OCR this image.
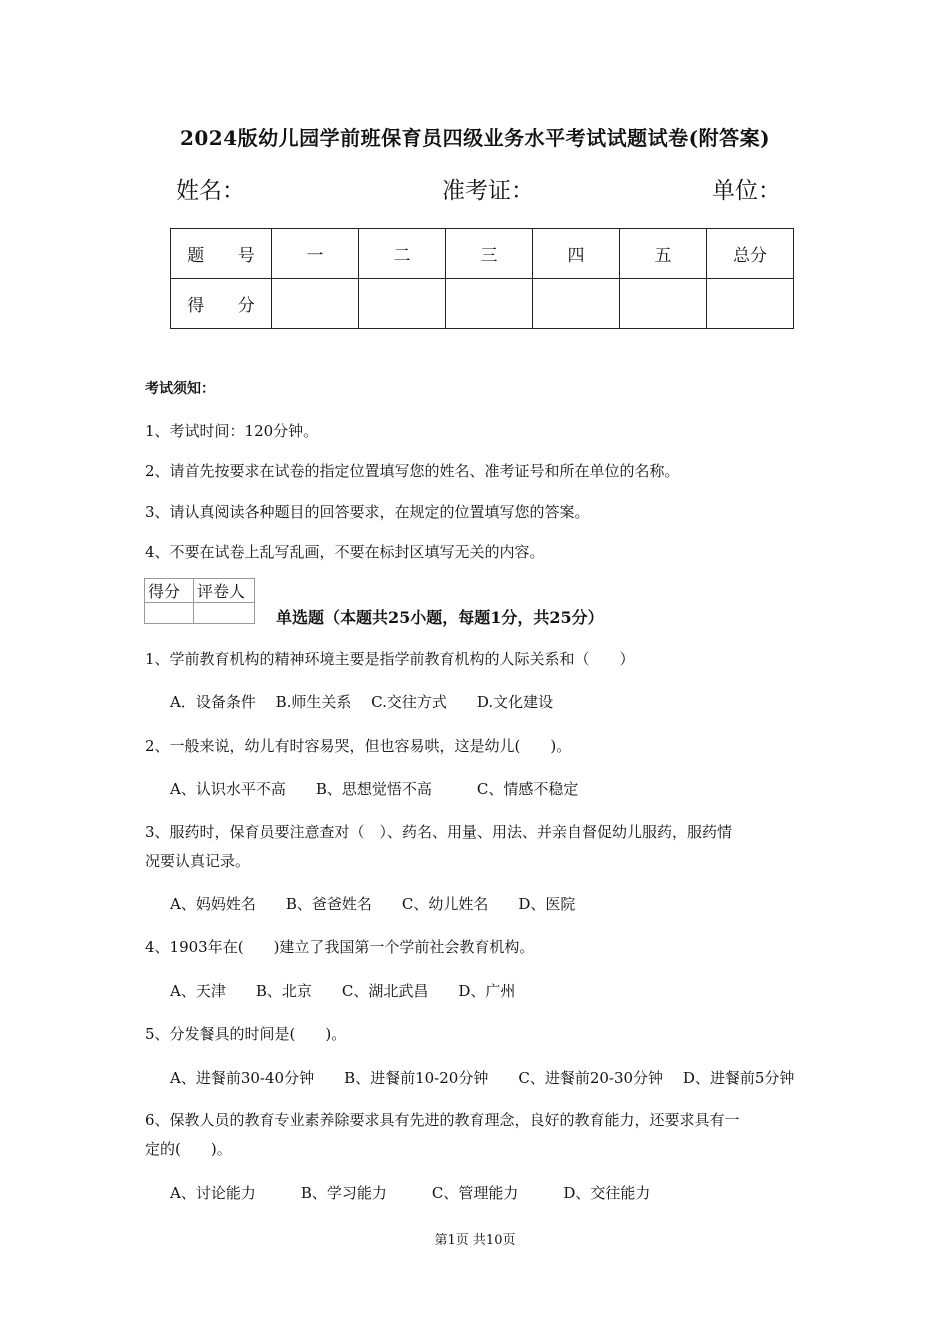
2024版幼儿园学前班保育员四级业务水平考试试题试卷(附答案)
姓名：	准考证：	单位：
题 号	一	二	三	四	五	总分
得 分						
考试须知：
1、考试时间：120分钟。
2、请首先按要求在试卷的指定位置填写您的姓名、准考证号和所在单位的名称。
3、请认真阅读各种题目的回答要求，在规定的位置填写您的答案。
4、不要在试卷上乱写乱画，不要在标封区填写无关的内容。
得分	评卷人

单选题（本题共25小题，每题1分，共25分）
1、学前教育机构的精神环境主要是指学前教育机构的人际关系和（　　）
A．设备条件　 B.师生关系　 C.交往方式　　D.文化建设
2、一般来说，幼儿有时容易哭，但也容易哄，这是幼儿(　　)。
A、认识水平不高　　B、思想觉悟不高　　　C、情感不稳定
3、服药时，保育员要注意查对（　）、药名、用量、用法、并亲自督促幼儿服药，服药情
况要认真记录。
A、妈妈姓名　　B、爸爸姓名　　C、幼儿姓名　　D、医院
4、1903年在(　　)建立了我国第一个学前社会教育机构。
A、天津　　B、北京　　C、湖北武昌　　D、广州
5、分发餐具的时间是(　　)。
A、进餐前30-40分钟　　B、进餐前10-20分钟　　C、进餐前20-30分钟　 D、进餐前5分钟
6、保教人员的教育专业素养除要求具有先进的教育理念，良好的教育能力，还要求具有一
定的(　　)。
A、讨论能力　　　B、学习能力　　　C、管理能力　　　D、交往能力
第1页 共10页
